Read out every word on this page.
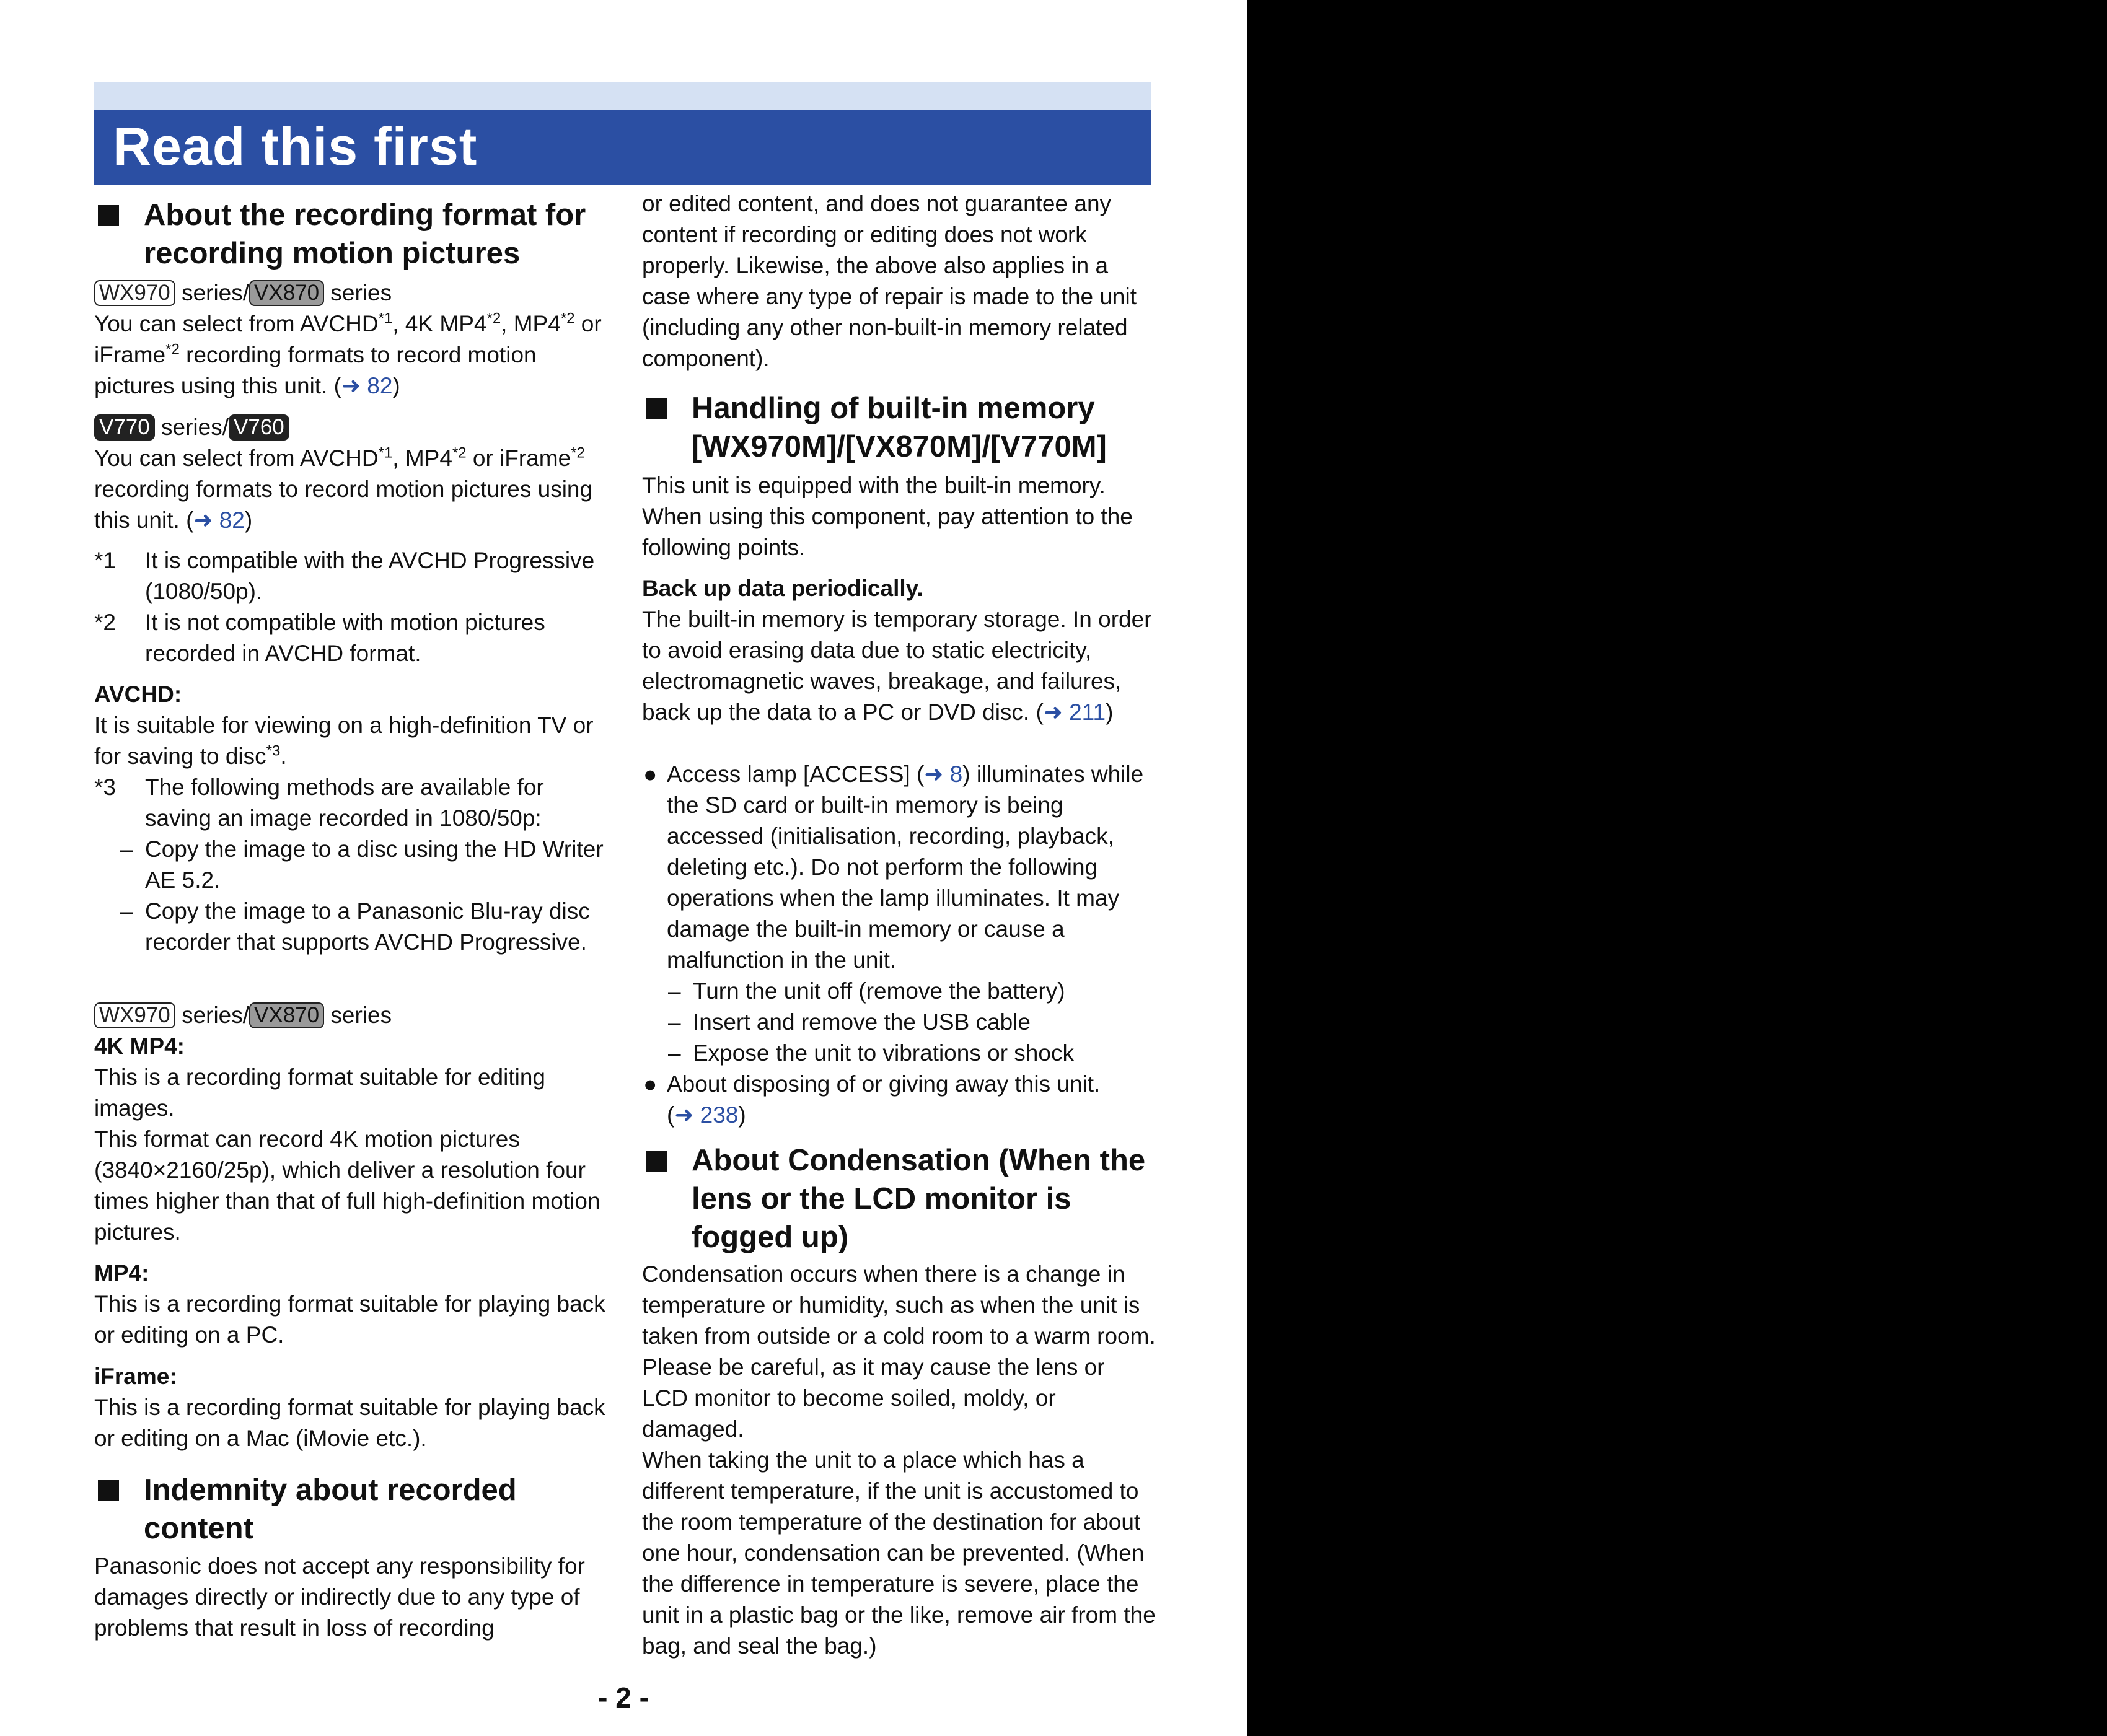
Read this first
About the recording format for recording motion pictures
WX970 series/ VX870 series

You can select from AVCHD$^{*1}$, 4K MP4$^{*2}$, MP4$^{*2}$ or iFrame$^{*2}$ recording formats to record motion pictures using this unit. (➜ 82)

V770 series/ V760

You can select from AVCHD$^{*1}$, MP4$^{*2}$ or iFrame$^{*2}$ recording formats to record motion pictures using this unit. (➜ 82)

*1 It is compatible with the AVCHD Progressive (1080/50p).
*2 It is not compatible with motion pictures recorded in AVCHD format.
AVCHD:

It is suitable for viewing on a high-definition TV or for saving to disc$^{*3}$.

*3 The following methods are available for saving an image recorded in 1080/50p:
– Copy the image to a disc using the HD Writer AE 5.2.
– Copy the image to a Panasonic Blu-ray disc recorder that supports AVCHD Progressive.
WX970 series/ VX870 series
4K MP4:

This is a recording format suitable for editing images.

This format can record 4K motion pictures (3840×2160/25p), which deliver a resolution four times higher than that of full high-definition motion pictures.

MP4:

This is a recording format suitable for playing back or editing on a PC.

iFrame:

This is a recording format suitable for playing back or editing on a Mac (iMovie etc.).

Indemnity about recorded content

Panasonic does not accept any responsibility for damages directly or indirectly due to any type of problems that result in loss of recording

or edited content, and does not guarantee any content if recording or editing does not work properly. Likewise, the above also applies in a case where any type of repair is made to the unit (including any other non-built-in memory related component).

Handling of built-in memory [WX970M]/[VX870M]/[V770M]

This unit is equipped with the built-in memory. When using this component, pay attention to the following points.

Back up data periodically.

The built-in memory is temporary storage. In order to avoid erasing data due to static electricity, electromagnetic waves, breakage, and failures, back up the data to a PC or DVD disc. (➜ 211)

● Access lamp [ACCESS] (➜ 8) illuminates while the SD card or built-in memory is being accessed (initialisation, recording, playback, deleting etc.). Do not perform the following operations when the lamp illuminates. It may damage the built-in memory or cause a malfunction in the unit.
– Turn the unit off (remove the battery)
– Insert and remove the USB cable
– Expose the unit to vibrations or shock
● About disposing of or giving away this unit.
(➜ 238)
About Condensation (When the lens or the LCD monitor is fogged up)

Condensation occurs when there is a change in temperature or humidity, such as when the unit is taken from outside or a cold room to a warm room. Please be careful, as it may cause the lens or LCD monitor to become soiled, moldy, or damaged.

When taking the unit to a place which has a different temperature, if the unit is accustomed to the room temperature of the destination for about one hour, condensation can be prevented. (When the difference in temperature is severe, place the unit in a plastic bag or the like, remove air from the bag, and seal the bag.)

- 2 -
